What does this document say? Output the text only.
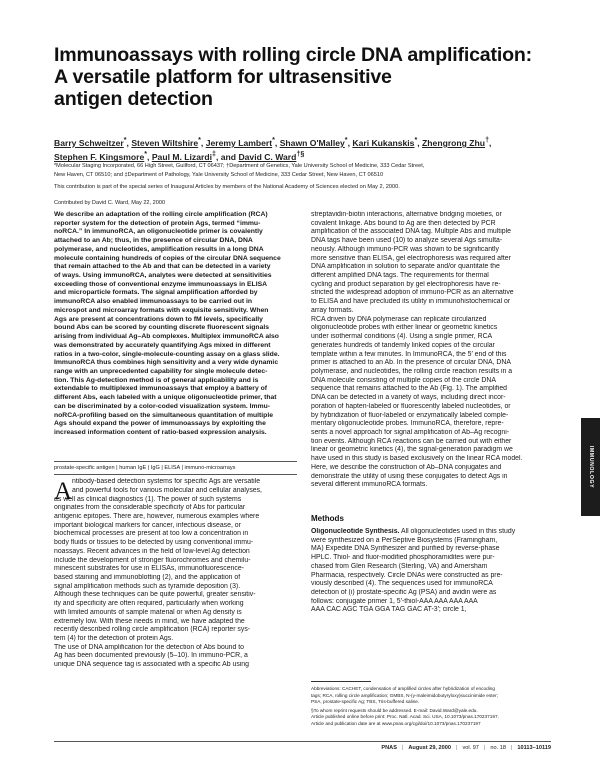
Immunoassays with rolling circle DNA amplification:
A versatile platform for ultrasensitive
antigen detection
Barry Schweitzer*, Steven Wiltshire*, Jeremy Lambert*, Shawn O'Malley*, Kari Kukanskis*, Zhengrong Zhu†,
Stephen F. Kingsmore*, Paul M. Lizardi‡, and David C. Ward†§
*Molecular Staging Incorporated, 66 High Street, Guilford, CT 06437; †Department of Genetics, Yale University School of Medicine, 333 Cedar Street,
New Haven, CT 06510; and ‡Department of Pathology, Yale University School of Medicine, 333 Cedar Street, New Haven, CT 06510
This contribution is part of the special series of Inaugural Articles by members of the National Academy of Sciences elected on May 2, 2000.
Contributed by David C. Ward, May 22, 2000
We describe an adaptation of the rolling circle amplification (RCA)
reporter system for the detection of protein Ags, termed “immu-
noRCA.” In immunoRCA, an oligonucleotide primer is covalently
attached to an Ab; thus, in the presence of circular DNA, DNA
polymerase, and nucleotides, amplification results in a long DNA
molecule containing hundreds of copies of the circular DNA sequence
that remain attached to the Ab and that can be detected in a variety
of ways. Using immunoRCA, analytes were detected at sensitivities
exceeding those of conventional enzyme immunoassays in ELISA
and microparticle formats. The signal amplification afforded by
immunoRCA also enabled immunoassays to be carried out in
microspot and microarray formats with exquisite sensitivity. When
Ags are present at concentrations down to fM levels, specifically
bound Abs can be scored by counting discrete fluorescent signals
arising from individual Ag–Ab complexes. Multiplex immunoRCA also
was demonstrated by accurately quantifying Ags mixed in different
ratios in a two-color, single-molecule-counting assay on a glass slide.
ImmunoRCA thus combines high sensitivity and a very wide dynamic
range with an unprecedented capability for single molecule detec-
tion. This Ag-detection method is of general applicability and is
extendable to multiplexed immunoassays that employ a battery of
different Abs, each labeled with a unique oligonucleotide primer, that
can be discriminated by a color-coded visualization system. Immu-
noRCA-profiling based on the simultaneous quantitation of multiple
Ags should expand the power of immunoassays by exploiting the
increased information content of ratio-based expression analysis.
prostate-specific antigen | human IgE | IgG | ELISA | immuno-microarrays
A ntibody-based detection systems for specific Ags are versatile
and powerful tools for various molecular and cellular analyses,
as well as clinical diagnostics (1). The power of such systems
originates from the considerable specificity of Abs for particular
antigenic epitopes. There are, however, numerous examples where
important biological markers for cancer, infectious disease, or
biochemical processes are present at too low a concentration in
body fluids or tissues to be detected by using conventional immu-
noassays. Recent advances in the field of low-level Ag detection
include the development of stronger fluorochromes and chemilu-
minescent substrates for use in ELISAs, immunofluorescence-
based staining and immunoblotting (2), and the application of
signal amplification methods such as tyramide deposition (3).
Although these techniques can be quite powerful, greater sensitiv-
ity and specificity are often required, particularly when working
with limited amounts of sample material or when Ag density is
extremely low. With these needs in mind, we have adapted the
recently described rolling circle amplification (RCA) reporter sys-
tem (4) for the detection of protein Ags.
The use of DNA amplification for the detection of Abs bound to
Ag has been documented previously (5–10). In immuno-PCR, a
unique DNA sequence tag is associated with a specific Ab using
streptavidin-biotin interactions, alternative bridging moieties, or
covalent linkage. Abs bound to Ag are then detected by PCR
amplification of the associated DNA tag. Multiple Abs and multiple
DNA tags have been used (10) to analyze several Ags simulta-
neously. Although immuno-PCR was shown to be significantly
more sensitive than ELISA, gel electrophoresis was required after
DNA amplification in solution to separate and/or quantitate the
different amplified DNA tags. The requirements for thermal
cycling and product separation by gel electrophoresis have re-
stricted the widespread adoption of immuno-PCR as an alternative
to ELISA and have precluded its utility in immunohistochemical or
array formats.
RCA driven by DNA polymerase can replicate circularized
oligonucleotide probes with either linear or geometric kinetics
under isothermal conditions (4). Using a single primer, RCA
generates hundreds of tandemly linked copies of the circular
template within a few minutes. In ImmunoRCA, the 5′ end of this
primer is attached to an Ab. In the presence of circular DNA, DNA
polymerase, and nucleotides, the rolling circle reaction results in a
DNA molecule consisting of multiple copies of the circle DNA
sequence that remains attached to the Ab (Fig. 1). The amplified
DNA can be detected in a variety of ways, including direct incor-
poration of hapten-labeled or fluorescently labeled nucleotides, or
by hybridization of fluor-labeled or enzymatically labeled comple-
mentary oligonucleotide probes. ImmunoRCA, therefore, repre-
sents a novel approach for signal amplification of Ab–Ag recogni-
tion events. Although RCA reactions can be carried out with either
linear or geometric kinetics (4), the signal-generation paradigm we
have used in this study is based exclusively on the linear RCA model.
Here, we describe the construction of Ab–DNA conjugates and
demonstrate the utility of using these conjugates to detect Ags in
several different immunoRCA formats.
Methods
Oligonucleotide Synthesis. All oligonucleotides used in this study
were synthesized on a PerSeptive Biosystems (Framingham,
MA) Expedite DNA Synthesizer and purified by reverse-phase
HPLC. Thiol- and fluor-modified phosphoramidites were pur-
chased from Glen Research (Sterling, VA) and Amersham
Pharmacia, respectively. Circle DNAs were constructed as pre-
viously described (4). The sequences used for immunoRCA
detection of (i) prostate-specific Ag (PSA) and avidin were as
follows: conjugate primer 1, 5′-thiol-AAA AAA AAA AAA
AAA CAC AGC TGA GGA TAG GAC AT-3′; circle 1,
Abbreviations: CACHET, condensation of amplified circles after hybridization of encoding
tags; RCA, rolling circle amplification; GMBS, N-(γ-maleimidobutyryloxy)succinimide ester;
PSA, prostate-specific Ag; TBS, Tris-buffered saline.
§To whom reprint requests should be addressed. E-mail: David.Ward@yale.edu.
Article published online before print: Proc. Natl. Acad. Sci. USA, 10.1073/pnas.170237197.
Article and publication date are at www.pnas.org/cgi/doi/10.1073/pnas.170237197
IMMUNOLOGY
PNAS | August 29, 2000 | vol. 97 | no. 18 | 10113–10119
